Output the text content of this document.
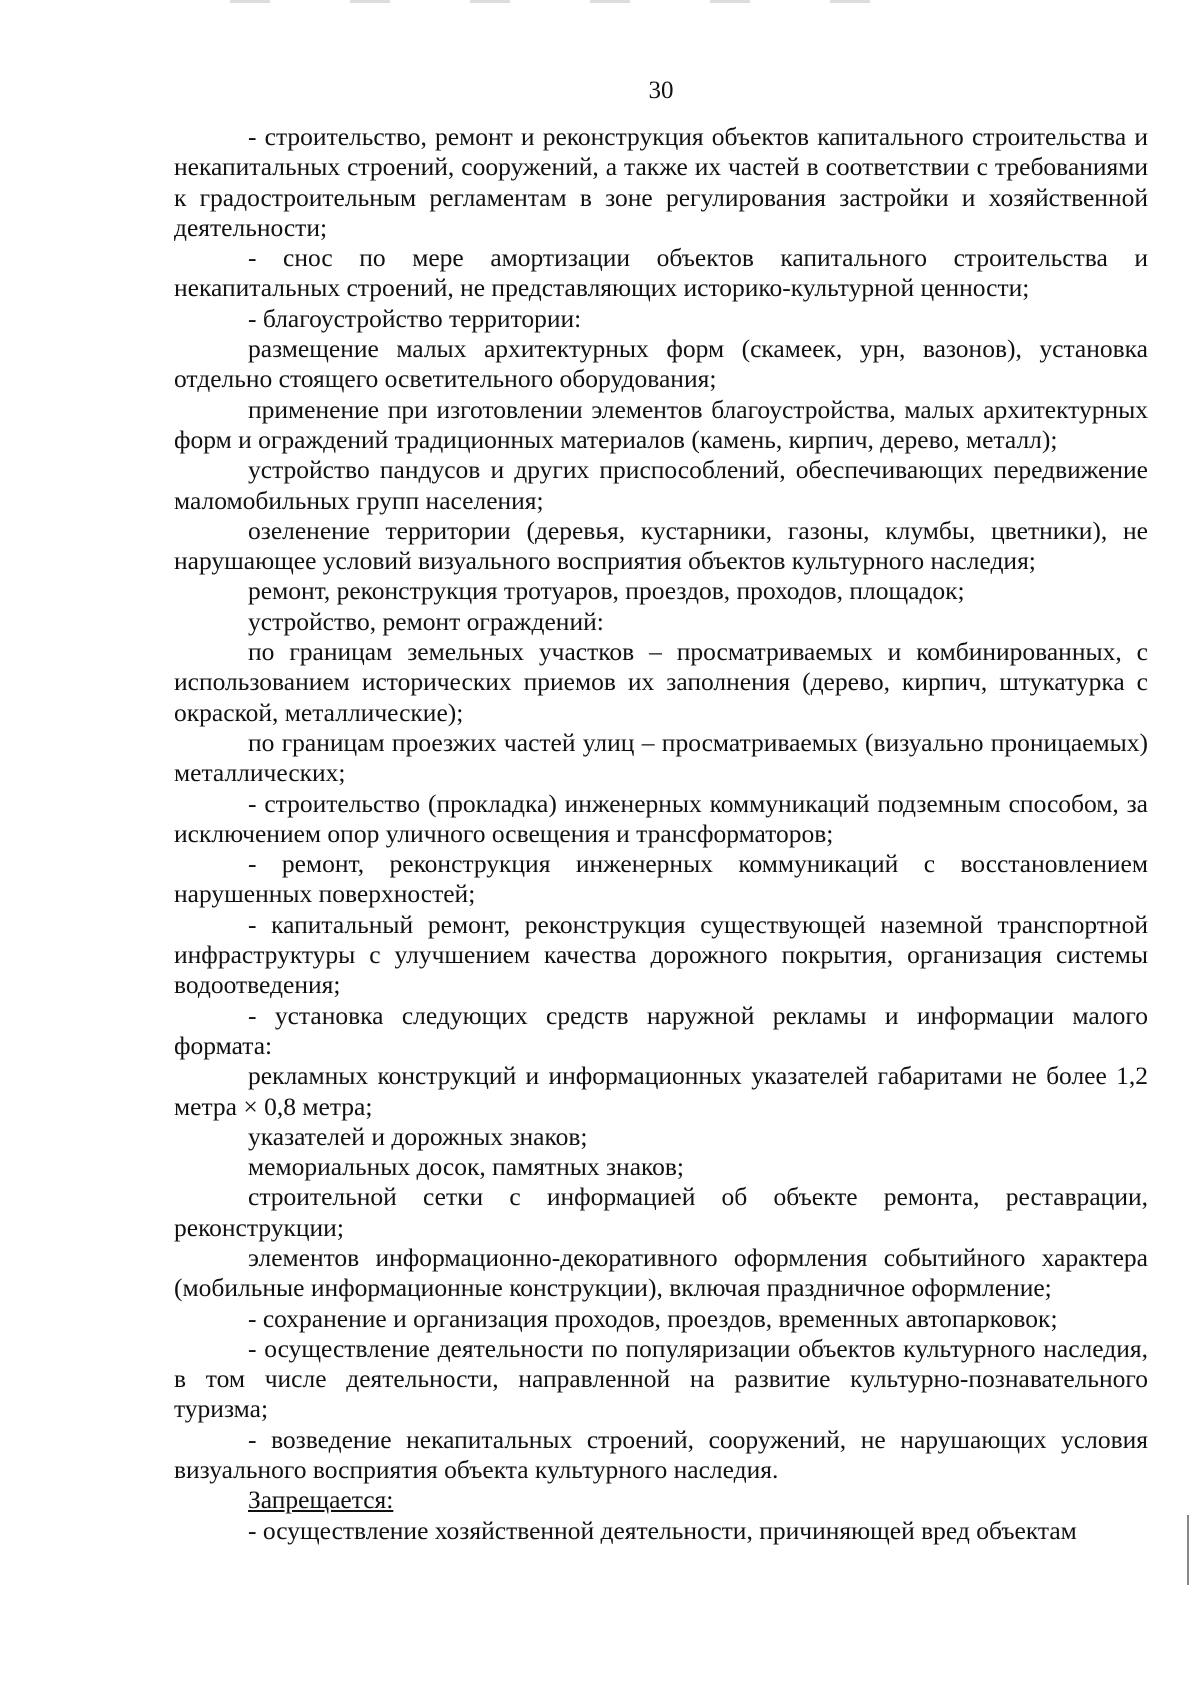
30

- строительство, ремонт и реконструкция объектов капитального строительства и некапитальных строений, сооружений, а также их частей в соответствии с требованиями к градостроительным регламентам в зоне регулирования застройки и хозяйственной деятельности;

- снос по мере амортизации объектов капитального строительства и некапитальных строений, не представляющих историко-культурной ценности;

- благоустройство территории:

размещение малых архитектурных форм (скамеек, урн, вазонов), установка отдельно стоящего осветительного оборудования;

применение при изготовлении элементов благоустройства, малых архитектурных форм и ограждений традиционных материалов (камень, кирпич, дерево, металл);

устройство пандусов и других приспособлений, обеспечивающих передвижение маломобильных групп населения;

озеленение территории (деревья, кустарники, газоны, клумбы, цветники), не нарушающее условий визуального восприятия объектов культурного наследия;

ремонт, реконструкция тротуаров, проездов, проходов, площадок;

устройство, ремонт ограждений:

по границам земельных участков – просматриваемых и комбинированных, с использованием исторических приемов их заполнения (дерево, кирпич, штукатурка с окраской, металлические);

по границам проезжих частей улиц – просматриваемых (визуально проницаемых) металлических;

- строительство (прокладка) инженерных коммуникаций подземным способом, за исключением опор уличного освещения и трансформаторов;

- ремонт, реконструкция инженерных коммуникаций с восстановлением нарушенных поверхностей;

- капитальный ремонт, реконструкция существующей наземной транспортной инфраструктуры с улучшением качества дорожного покрытия, организация системы водоотведения;

- установка следующих средств наружной рекламы и информации малого формата:

рекламных конструкций и информационных указателей габаритами не более 1,2 метра × 0,8 метра;

указателей и дорожных знаков;

мемориальных досок, памятных знаков;

строительной сетки с информацией об объекте ремонта, реставрации, реконструкции;

элементов информационно-декоративного оформления событийного характера (мобильные информационные конструкции), включая праздничное оформление;

- сохранение и организация проходов, проездов, временных автопарковок;

- осуществление деятельности по популяризации объектов культурного наследия, в том числе деятельности, направленной на развитие культурно-познавательного туризма;

- возведение некапитальных строений, сооружений, не нарушающих условия визуального восприятия объекта культурного наследия.

Запрещается:

- осуществление хозяйственной деятельности, причиняющей вред объектам
